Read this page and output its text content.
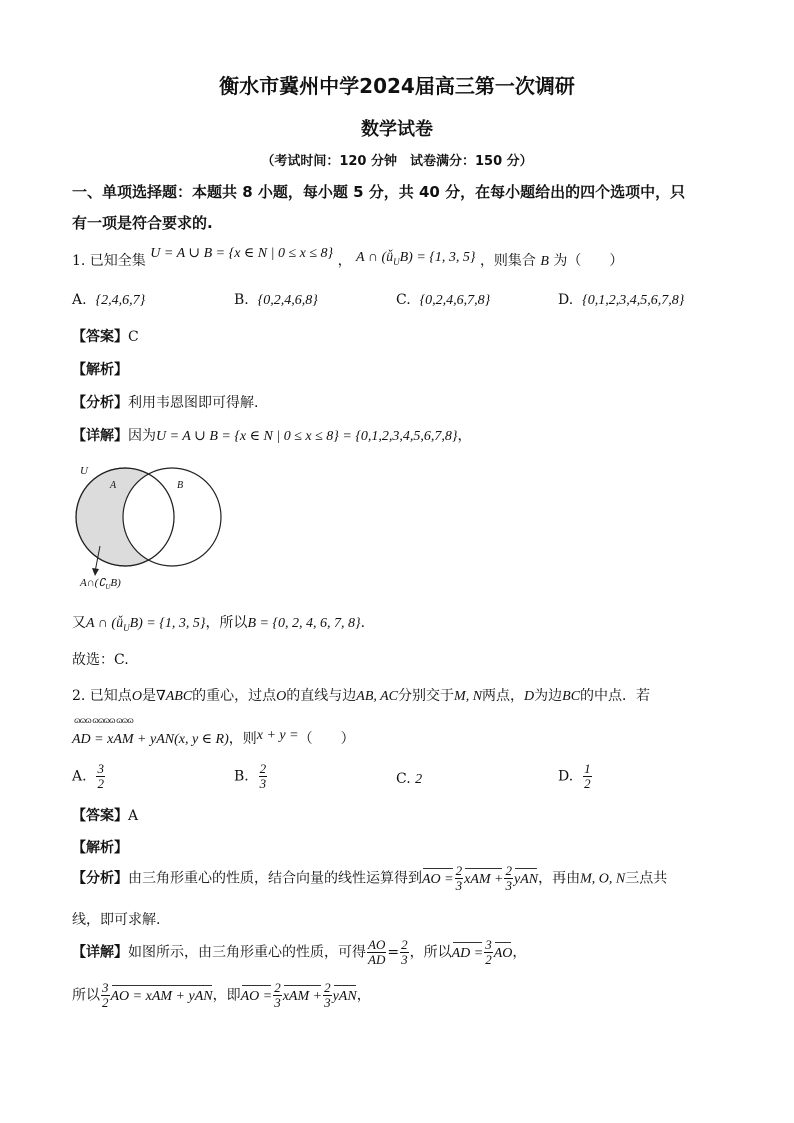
衡水市冀州中学2024届高三第一次调研
数学试卷
（考试时间：120 分钟　试卷满分：150 分）
一、单项选择题：本题共 8 小题，每小题 5 分，共 40 分，在每小题给出的四个选项中，只
有一项是符合要求的.
1. 已知全集 U = A ∪ B = {x ∈ N | 0 ≤ x ≤ 8} ， A ∩ $(ǚ_UB) = \{1$, 3, 5} ，则集合 B 为（　　）
A. {2,4,6,7}	B. {0,2,4,6,8}	C. {0,2,4,6,7,8}	D. {0,1,2,3,4,5,6,7,8}
【答案】C
【解析】
【分析】利用韦恩图即可得解.
【详解】因为U = A ∪ B = {x ∈ N | 0 ≤ x ≤ 8} = {0,1,2,3,4,5,6,7,8}，
U
A	B
$A\cap(∁_UB)$
又A ∩ $(ǚ_UB) = \{1$, 3, 5}，所以B = {0, 2, 4, 6, 7, 8}.
故选：C.
2. 已知点O是∇ABC的重心，过点O的直线与边AB, AC分别交于M, N两点，D为边BC的中点．若
ɷɷɷ ɷɷɷɷ ɷɷɷ
AD = xAM + yAN(x, y ∈ R)，则x + y =（　　）
A. $\frac{3}{2}$	B. $\frac{2}{3}$	C. 2	D. $\frac{1}{2}$
【答案】A
【解析】
【分析】由三角形重心的性质，结合向量的线性运算得到AO = $\frac{2}{3}$ xAM + $\frac{2}{3}$ yAN，再由M, O, N三点共
线，即可求解.
【详解】如图所示，由三角形重心的性质，可得 $\frac{AO}{AD} = \frac{2}{3}$ ，所以AD = $\frac{3}{2}$ AO，
所以 $\frac{3}{2}$ AO = xAM + yAN，即AO = $\frac{2}{3}$ xAM + $\frac{2}{3}$ yAN，
